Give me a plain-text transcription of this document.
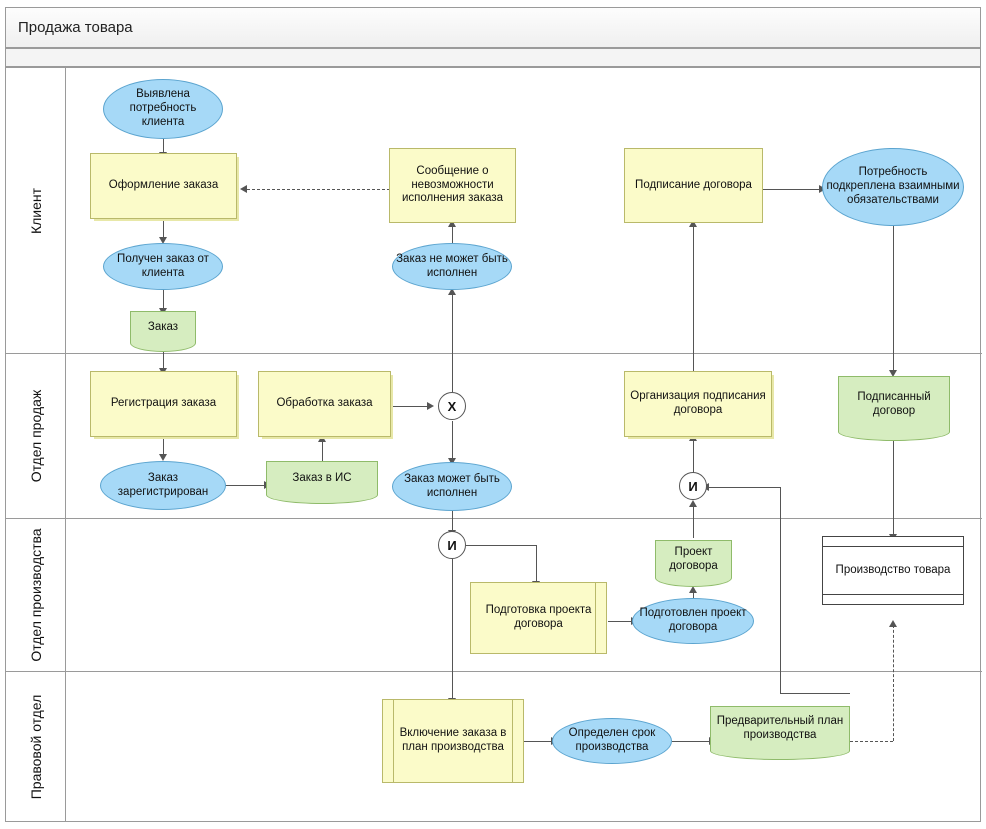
Продажа товара
Клиент
Отдел продаж
Отдел производства
Правовой отдел
Выявлена потребность клиента
Оформление заказа
Сообщение о невозможности исполнения заказа
Подписание договора
Потребность подкреплена взаимными обязательствами
Получен заказ от клиента
Заказ не может быть исполнен
Заказ
Регистрация заказа	Обработка заказа
Организация подписания договора
Подписанный договор
Заказ зарегистрирован
Заказ в ИС	Заказ может быть исполнен
X
И
И	Проект договора	Производство товара
Подготовка проекта договора
Подготовлен проект договора
Включение заказа в план производства
Определен срок производства
Предварительный план производства
